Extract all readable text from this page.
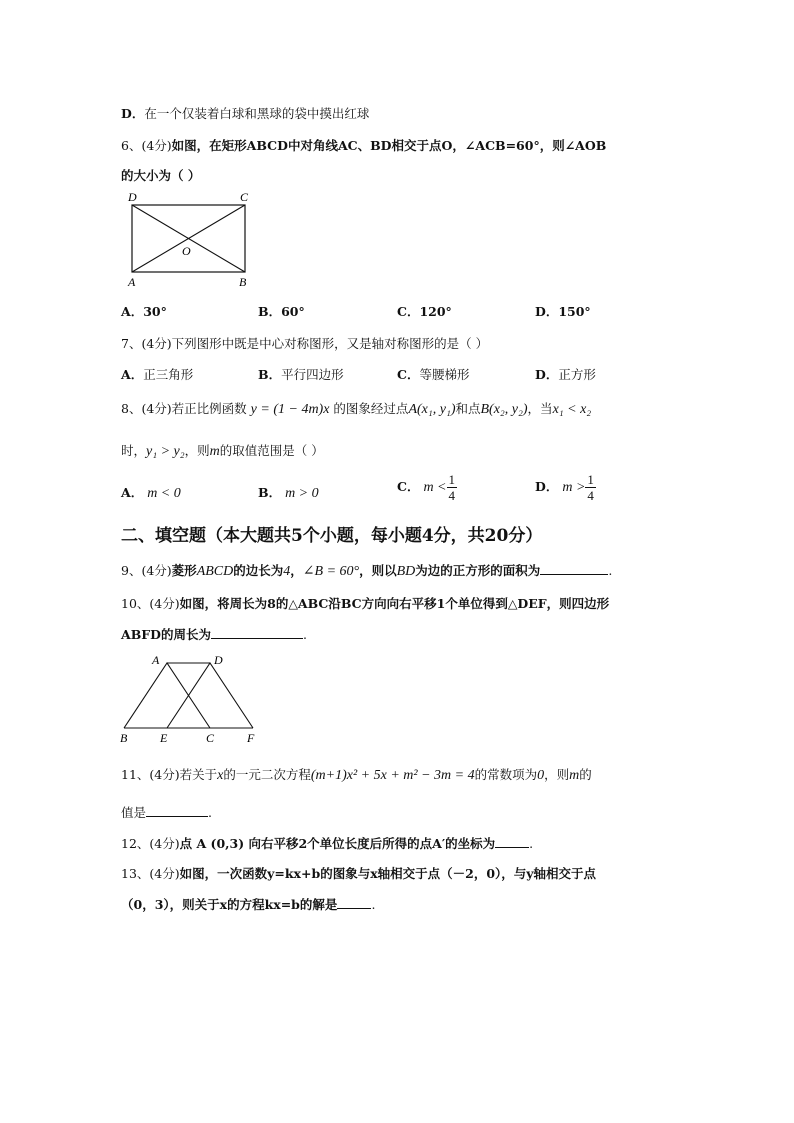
D．在一个仅装着白球和黑球的袋中摸出红球
6、(4分)如图，在矩形ABCD中对角线AC、BD相交于点O，∠ACB=60°，则∠AOB
的大小为（ ）
D	C
A	B
O
A．30°	B．60°	C．120°	D．150°
7、(4分)下列图形中既是中心对称图形，又是轴对称图形的是（ ）
A．正三角形	B．平行四边形	C．等腰梯形	D．正方形
8、(4分)若正比例函数 y = (1 − 4m)x 的图象经过点A(x₁, y₁)和点B(x₂, y₂)，当x₁ < x₂
时，y₁ > y₂，则m的取值范围是（ ）
A． m < 0	B． m > 0	C． $m < \frac{1}{4}$	D． $m > \frac{1}{4}$
二、填空题（本大题共5个小题，每小题4分，共20分）
9、(4分)菱形ABCD的边长为4，∠B = 60°，则以BD为边的正方形的面积为	.
10、(4分)如图，将周长为8的△ABC沿BC方向向右平移1个单位得到△DEF，则四边形
ABFD的周长为	.
A	D
B	E	C	F
11、(4分)若关于x的一元二次方程(m+1)x² + 5x + m² − 3m = 4的常数项为0，则m的
值是	.
12、(4分)点 A (0,3) 向右平移2个单位长度后所得的点A′的坐标为	.
13、(4分)如图，一次函数y=kx+b的图象与x轴相交于点（－2，0），与y轴相交于点
（0，3），则关于x的方程kx=b的解是	.
